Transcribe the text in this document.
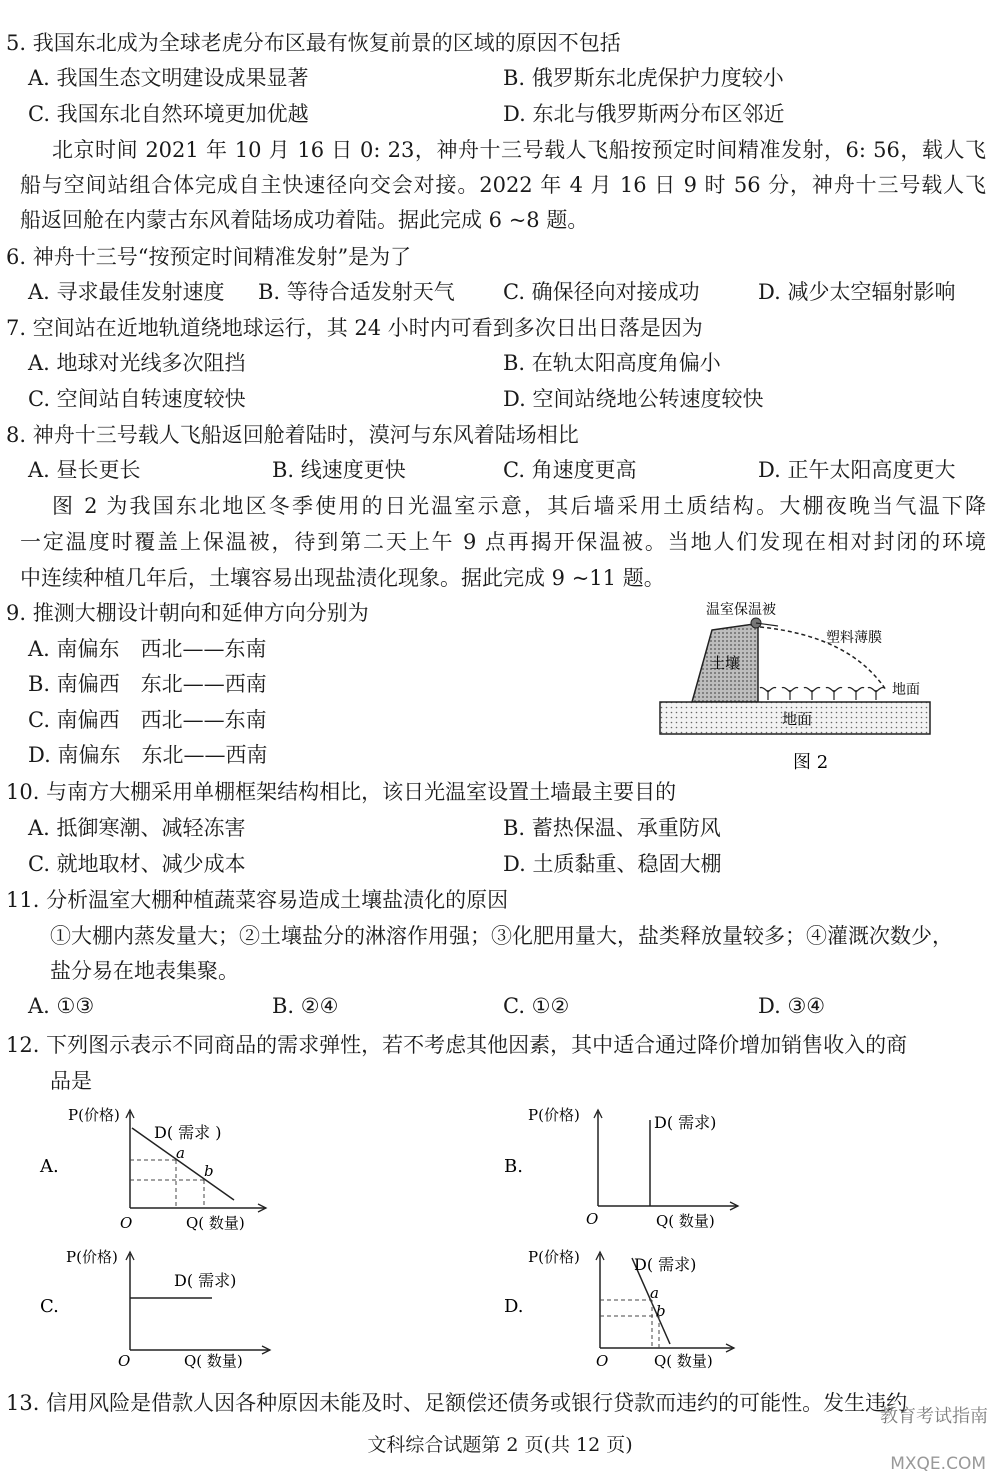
5. 我国东北成为全球老虎分布区最有恢复前景的区域的原因不包括
A. 我国生态文明建设成果显著	B. 俄罗斯东北虎保护力度较小
C. 我国东北自然环境更加优越	D. 东北与俄罗斯两分布区邻近
北京时间 2021 年 10 月 16 日 0: 23，神舟十三号载人飞船按预定时间精准发射，6: 56，载人飞
船与空间站组合体完成自主快速径向交会对接。2022 年 4 月 16 日 9 时 56 分，神舟十三号载人飞
船返回舱在内蒙古东风着陆场成功着陆。据此完成 6 ~8 题。
6. 神舟十三号“按预定时间精准发射”是为了
A. 寻求最佳发射速度 B. 等待合适发射天气 C. 确保径向对接成功	D. 减少太空辐射影响
7. 空间站在近地轨道绕地球运行，其 24 小时内可看到多次日出日落是因为
A. 地球对光线多次阻挡	B. 在轨太阳高度角偏小
C. 空间站自转速度较快	D. 空间站绕地公转速度较快
8. 神舟十三号载人飞船返回舱着陆时，漠河与东风着陆场相比
A. 昼长更长	B. 线速度更快	C. 角速度更高	D. 正午太阳高度更大
图 2 为我国东北地区冬季使用的日光温室示意，其后墙采用土质结构。大棚夜晚当气温下降
一定温度时覆盖上保温被，待到第二天上午 9 点再揭开保温被。当地人们发现在相对封闭的环境
中连续种植几年后，土壤容易出现盐渍化现象。据此完成 9 ~11 题。
9. 推测大棚设计朝向和延伸方向分别为
A. 南偏东　西北——东南
B. 南偏西　东北——西南
C. 南偏西　西北——东南
D. 南偏东　东北——西南
温室保温被
塑料薄膜
土壤
地面
地面
图 2
10. 与南方大棚采用单棚框架结构相比，该日光温室设置土墙最主要目的
A. 抵御寒潮、减轻冻害	B. 蓄热保温、承重防风
C. 就地取材、减少成本	D. 土质黏重、稳固大棚
11. 分析温室大棚种植蔬菜容易造成土壤盐渍化的原因
①大棚内蒸发量大；②土壤盐分的淋溶作用强；③化肥用量大，盐类释放量较多；④灌溉次数少，
盐分易在地表集聚。
A. ①③	B. ②④	C. ①②	D. ③④
12. 下列图示表示不同商品的需求弹性，若不考虑其他因素，其中适合通过降价增加销售收入的商
品是
A.
P(价格)
D( 需求 )
a
b
O	Q( 数量)
B.
P(价格)	D( 需求)
O	Q( 数量)
C.
P(价格)
D( 需求)
O	Q( 数量)
D.
P(价格)	D( 需求)
a
b
O	Q( 数量)
13. 信用风险是借款人因各种原因未能及时、足额偿还债务或银行贷款而违约的可能性。发生违约
文科综合试题第 2 页(共 12 页)
教育考试指南
MXQE.COM
